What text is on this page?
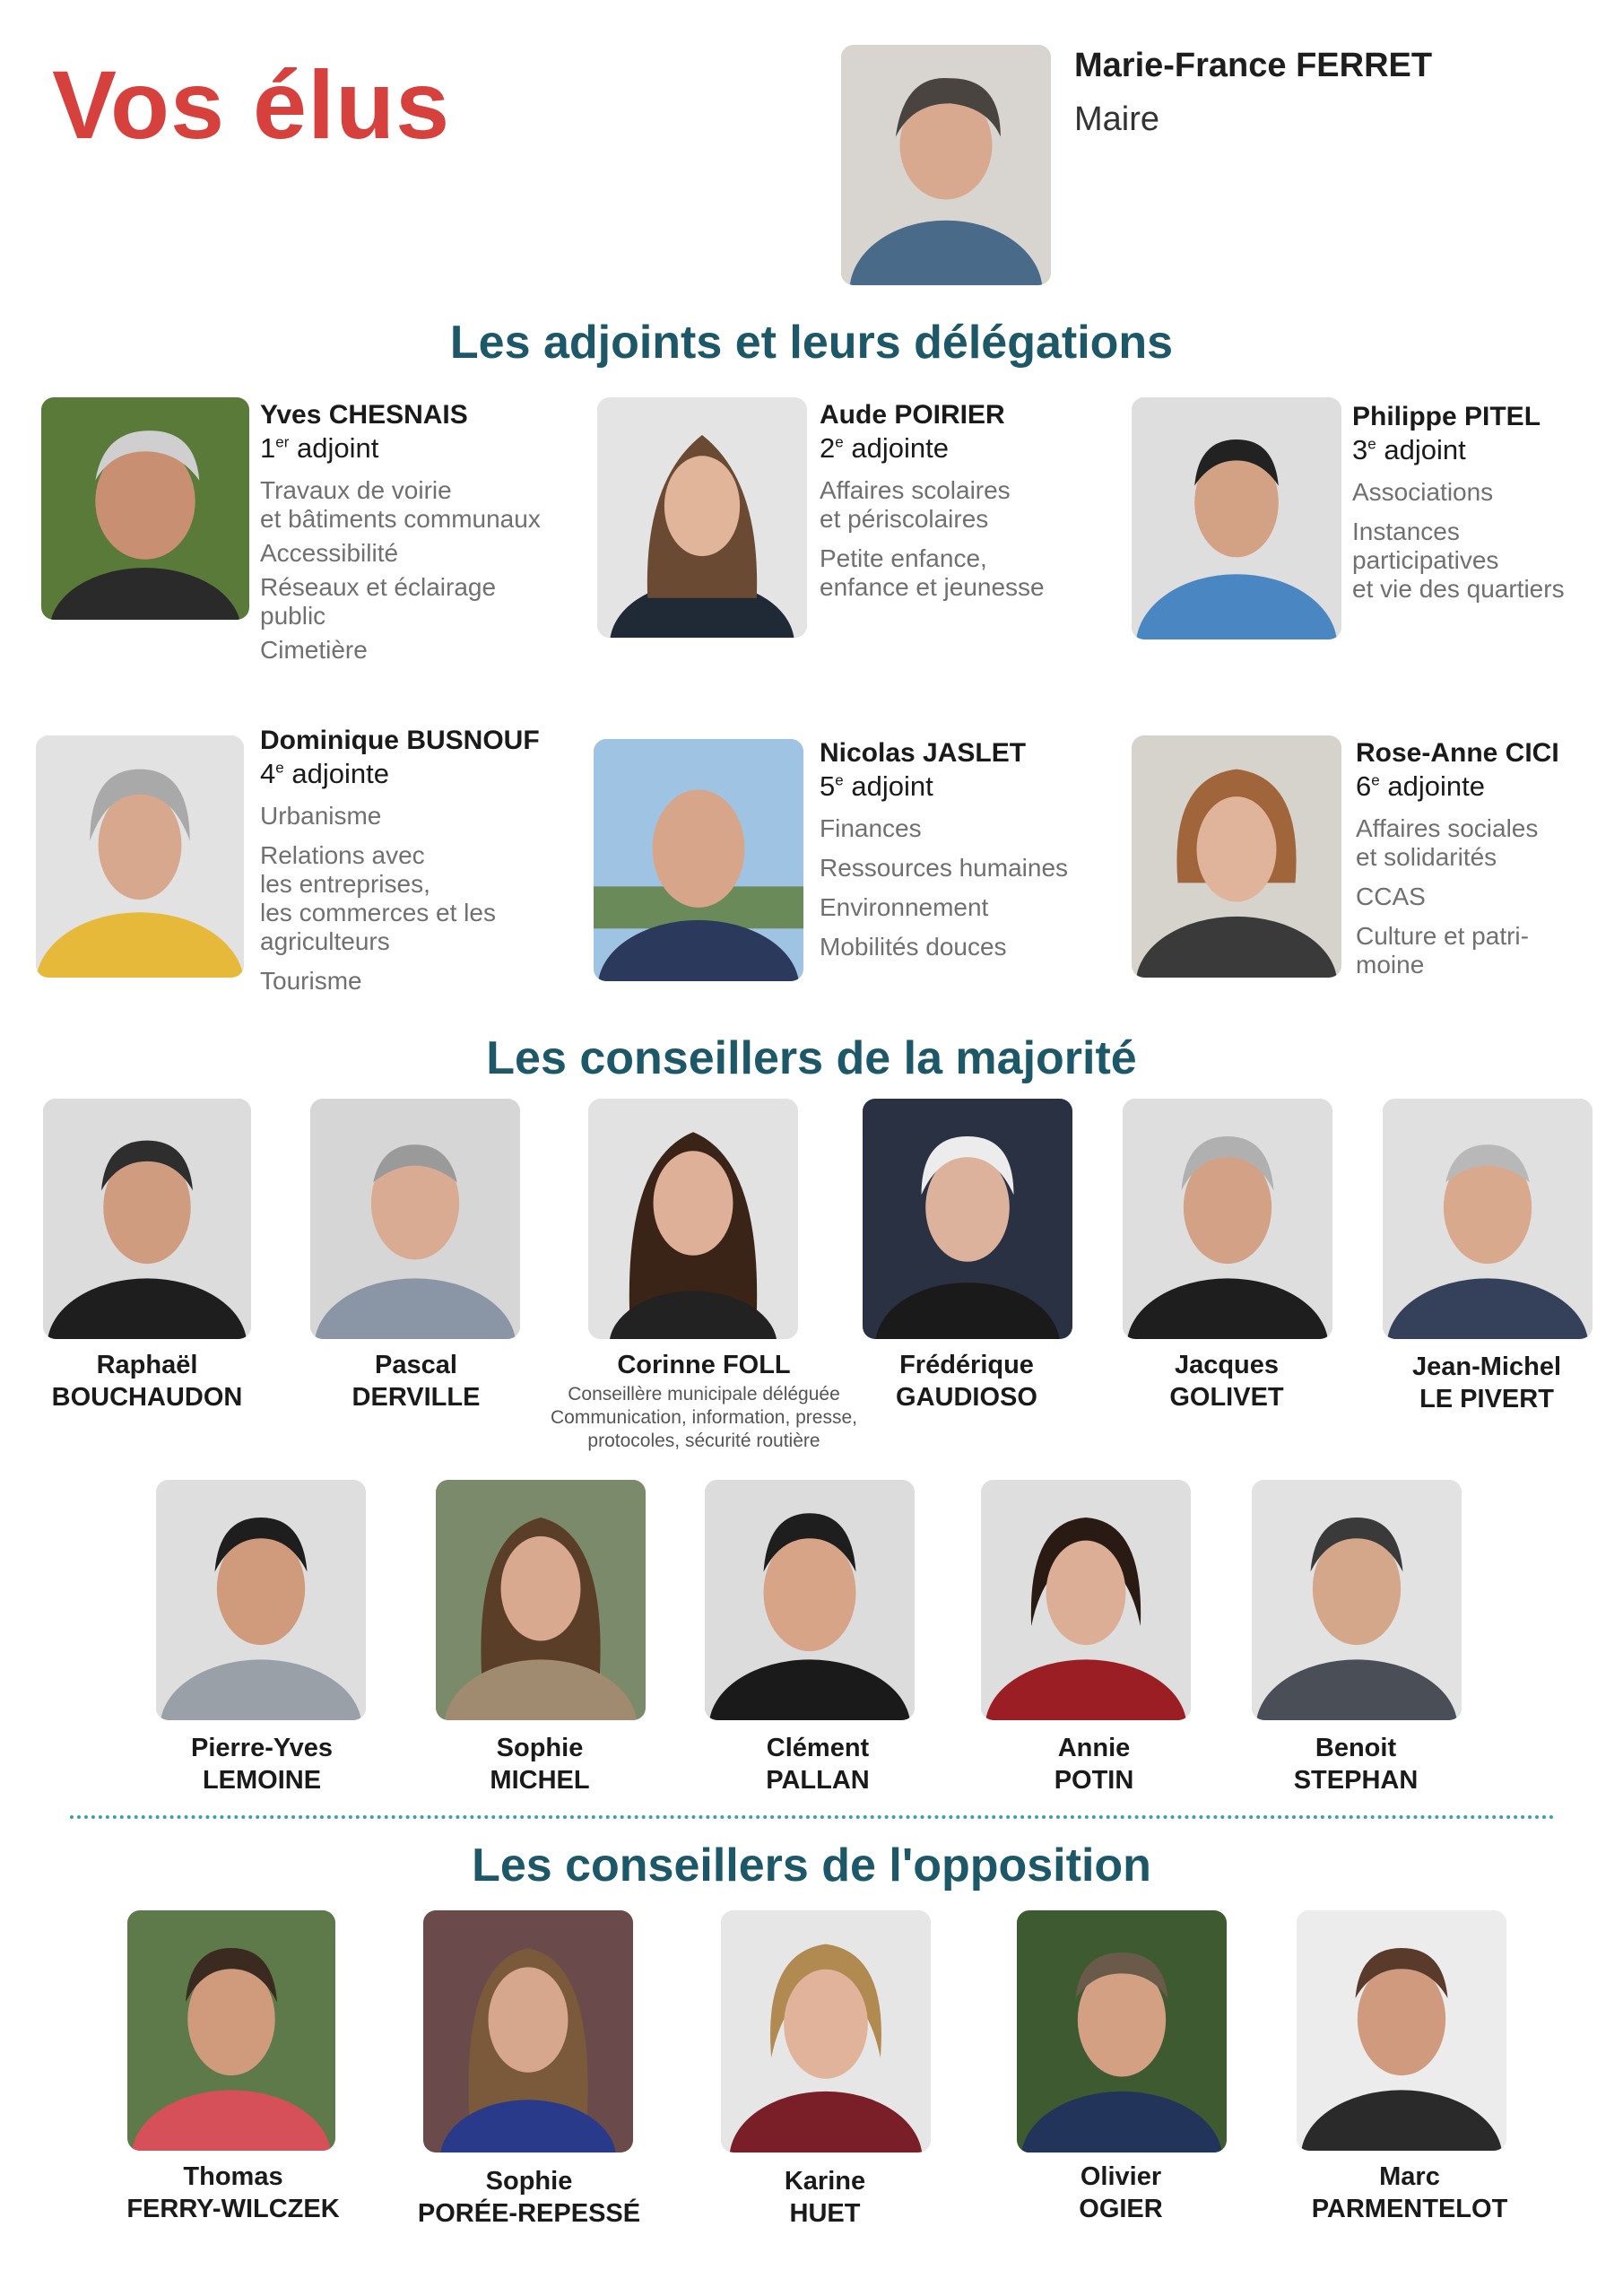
Vos élus	Marie-France FERRET
Maire
Les adjoints et leurs délégations
Yves CHESNAIS
1er adjoint
Travaux de voirie
et bâtiments communaux
Accessibilité
Réseaux et éclairage
public
Cimetière
Aude POIRIER
2e adjointe
Affaires scolaires
et périscolaires
Petite enfance,
enfance et jeunesse
Philippe PITEL
3e adjoint
Associations
Instances
participatives
et vie des quartiers
Dominique BUSNOUF
4e adjointe
Urbanisme
Relations avec
les entreprises,
les commerces et les
agriculteurs
Tourisme
Nicolas JASLET
5e adjoint
Finances
Ressources humaines
Environnement
Mobilités douces
Rose-Anne CICI
6e adjointe
Affaires sociales
et solidarités
CCAS
Culture et patri-
moine
Les conseillers de la majorité
Raphaël
BOUCHAUDON
Pascal
DERVILLE
Corinne FOLL
Conseillère municipale déléguée
Communication, information, presse,
protocoles, sécurité routière
Frédérique
GAUDIOSO
Jacques
GOLIVET
Jean-Michel
LE PIVERT
Pierre-Yves
LEMOINE
Sophie
MICHEL
Clément
PALLAN
Annie
POTIN
Benoit
STEPHAN
Les conseillers de l'opposition
Thomas
FERRY-WILCZEK
Sophie
PORÉE-REPESSÉ
Karine
HUET
Olivier
OGIER
Marc
PARMENTELOT
